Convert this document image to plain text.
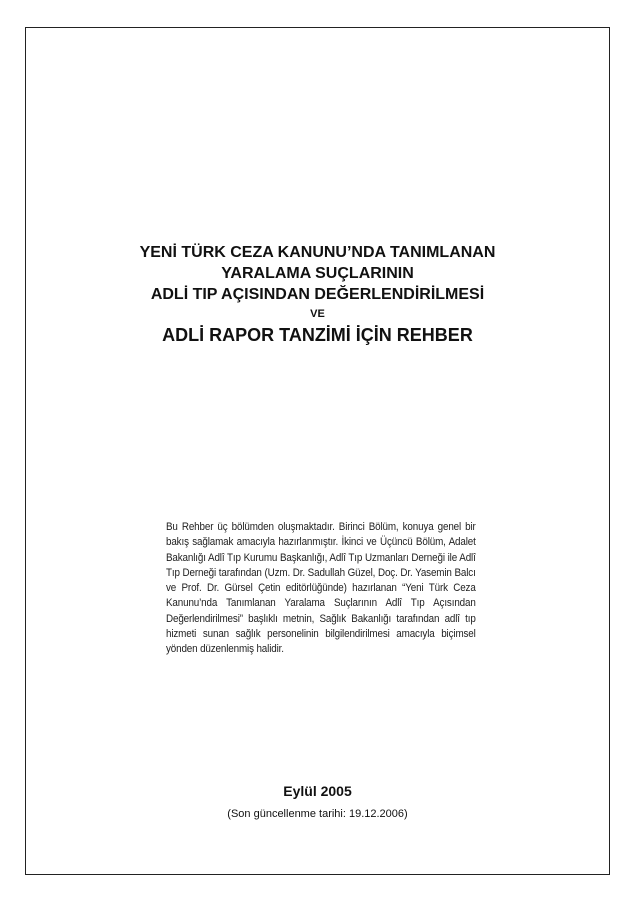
YENİ TÜRK CEZA KANUNU’NDA TANIMLANAN
YARALAMA SUÇLARININ
ADLİ TIP AÇISINDAN DEĞERLENDİRİLMESİ
VE
ADLİ RAPOR TANZİMİ İÇİN REHBER
Bu Rehber üç bölümden oluşmaktadır. Birinci Bölüm, konuya genel bir bakış sağlamak amacıyla hazırlanmıştır. İkinci ve Üçüncü Bölüm, Adalet Bakanlığı Adlî Tıp Kurumu Başkanlığı, Adlî Tıp Uzmanları Derneği ile Adlî Tıp Derneği tarafından (Uzm. Dr. Sadullah Güzel, Doç. Dr. Yasemin Balcı ve Prof. Dr. Gürsel Çetin editörlüğünde) hazırlanan “Yeni Türk Ceza Kanunu’nda Tanımlanan Yaralama Suçlarının Adlî Tıp Açısından Değerlendirilmesi” başlıklı metnin, Sağlık Bakanlığı tarafından adlî tıp hizmeti sunan sağlık personelinin bilgilendirilmesi amacıyla biçimsel yönden düzenlenmiş halidir.
Eylül 2005
(Son güncellenme tarihi: 19.12.2006)
